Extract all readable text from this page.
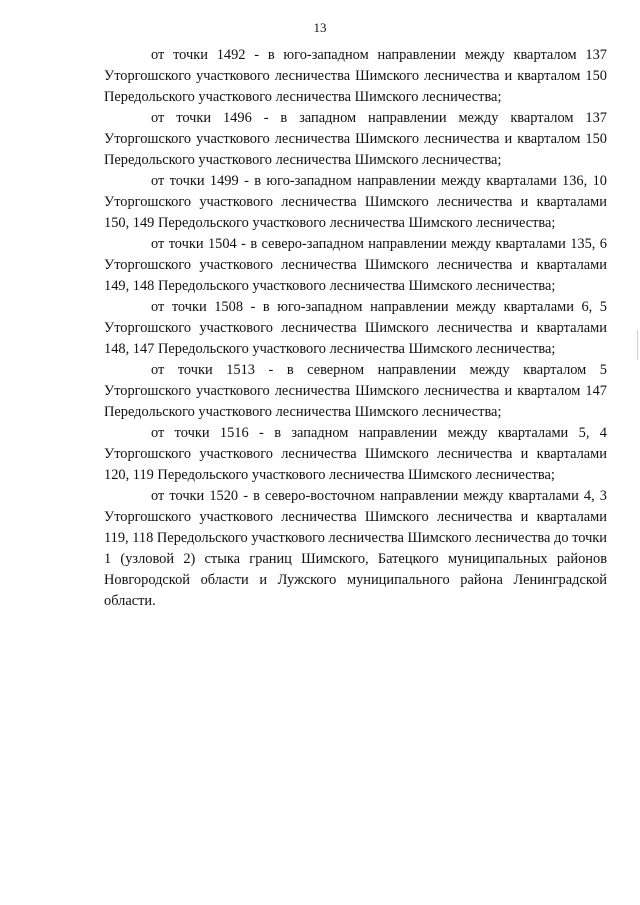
13

от точки 1492 - в юго-западном направлении между кварталом 137 Уторгошского участкового лесничества Шимского лесничества и кварталом 150 Передольского участкового лесничества Шимского лесничества;

от точки 1496 - в западном направлении между кварталом 137 Уторгошского участкового лесничества Шимского лесничества и кварталом 150 Передольского участкового лесничества Шимского лесничества;

от точки 1499 - в юго-западном направлении между кварталами 136, 10 Уторгошского участкового лесничества Шимского лесничества и кварталами 150, 149 Передольского участкового лесничества Шимского лесничества;

от точки 1504 - в северо-западном направлении между кварталами 135, 6 Уторгошского участкового лесничества Шимского лесничества и кварталами 149, 148 Передольского участкового лесничества Шимского лесничества;

от точки 1508 - в юго-западном направлении между кварталами 6, 5 Уторгошского участкового лесничества Шимского лесничества и кварталами 148, 147 Передольского участкового лесничества Шимского лесничества;

от точки 1513 - в северном направлении между кварталом 5 Уторгошского участкового лесничества Шимского лесничества и кварталом 147 Передольского участкового лесничества Шимского лесничества;

от точки 1516 - в западном направлении между кварталами 5, 4 Уторгошского участкового лесничества Шимского лесничества и кварталами 120, 119 Передольского участкового лесничества Шимского лесничества;

от точки 1520 - в северо-восточном направлении между кварталами 4, 3 Уторгошского участкового лесничества Шимского лесничества и кварталами 119, 118 Передольского участкового лесничества Шимского лесничества до точки 1 (узловой 2) стыка границ Шимского, Батецкого муниципальных районов Новгородской области и Лужского муниципального района Ленинградской области.
